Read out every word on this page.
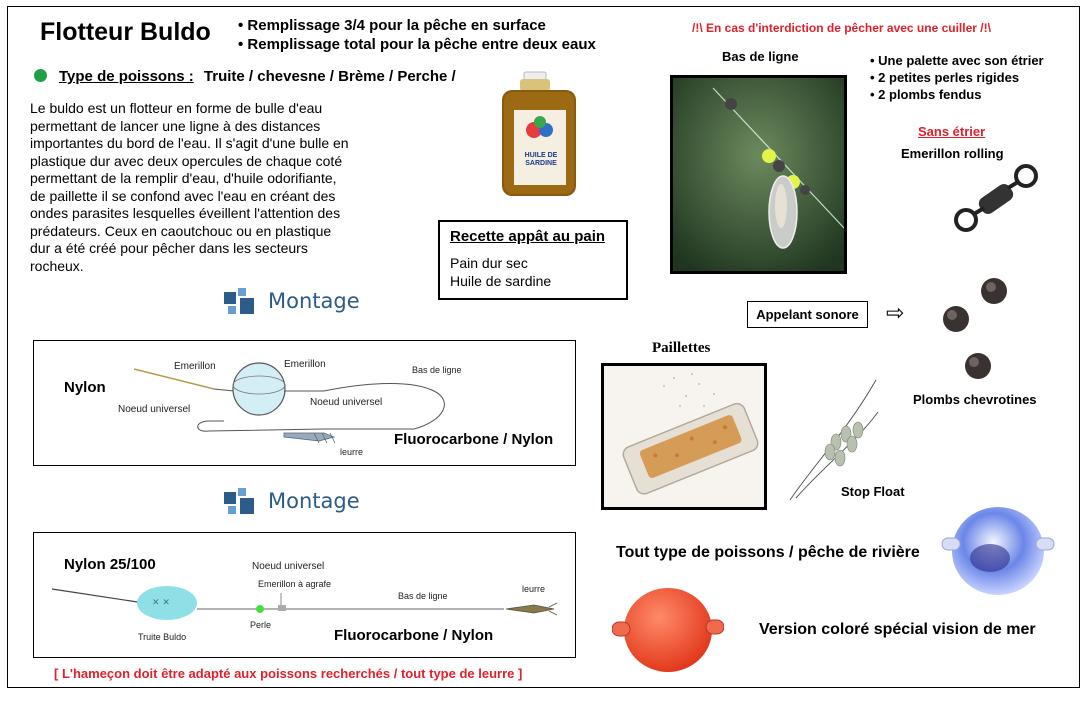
Flotteur Buldo • Remplissage 3/4 pour la pêche en surface
• Remplissage total pour la pêche entre deux eaux
Type de poissons : Truite / chevesne / Brème / Perche /
Le buldo est un flotteur en forme de bulle d'eau
permettant de lancer une ligne à des distances
importantes du bord de l'eau. Il s'agit d'une bulle en
plastique dur avec deux opercules de chaque coté
permettant de la remplir d'eau, d'huile odorifiante,
de paillette il se confond avec l'eau en créant des
ondes parasites lesquelles éveillent l'attention des
prédateurs. Ceux en caoutchouc ou en plastique
dur a été créé pour pêcher dans les secteurs
rocheux.
HUILE DE
SARDINE
Recette appât au pain
Pain dur sec
Huile de sardine
Montage
Nylon
Emerillon	Emerillon	Bas de ligne
Noeud universel
Noeud universel
Fluorocarbone / Nylon
leurre
Montage
✕ ✕
Nylon 25/100	Noeud universel
Emerillon à agrafe
Bas de ligne
leurre
Truite Buldo
Perle
Fluorocarbone / Nylon
[ L'hameçon doit être adapté aux poissons recherchés / tout type de leurre ]
/!\ En cas d'interdiction de pêcher avec une cuiller /!\
Bas de ligne	• Une palette avec son étrier
• 2 petites perles rigides
• 2 plombs fendus
Sans étrier
Emerillon rolling
Appelant sonore	⇨
Plombs chevrotines
Paillettes
Stop Float
Tout type de poissons / pêche de rivière
Version coloré spécial vision de mer
